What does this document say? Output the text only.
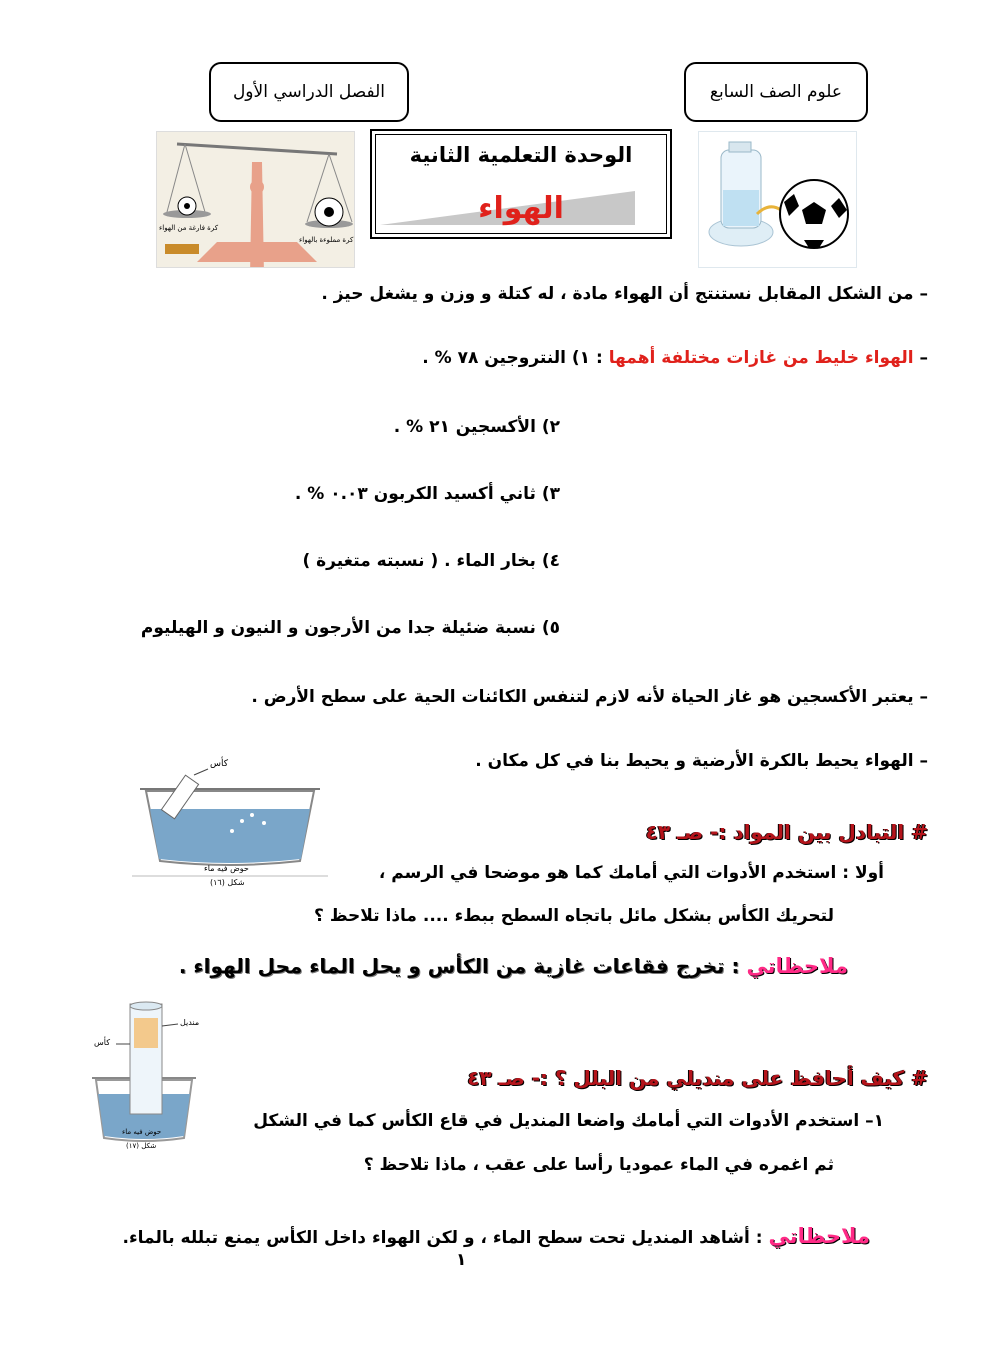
علوم الصف السابع
الفصل الدراسي الأول
الوحدة التعلمية الثانية
الهواء
كرة فارغة من الهواء
كرة مملوءة بالهواء
– من الشكل المقابل نستنتج أن الهواء مادة ، له كتلة و وزن و يشغل حيز .
– الهواء خليط من غازات مختلفة أهمها : ١) النتروجين ٧٨ % .
٢) الأكسجين ٢١ % .
٣) ثاني أكسيد الكربون ٠.٠٣ % .
٤) بخار الماء . ( نسبته متغيرة )
٥) نسبة ضئيلة جدا من الأرجون و النيون و الهيليوم
– يعتبر الأكسجين هو غاز الحياة لأنه لازم لتنفس الكائنات الحية على سطح الأرض .
– الهواء يحيط بالكرة الأرضية و يحيط بنا في كل مكان .
كأس
حوض فيه ماء
شكل (١٦)
# التبادل بين المواد :- صـ ٤٣
أولا : استخدم الأدوات التي أمامك كما هو موضحا في الرسم ،
لتحريك الكأس بشكل مائل باتجاه السطح ببطء .... ماذا تلاحظ ؟
ملاحظاتي : تخرج فقاعات غازية من الكأس و يحل الماء محل الهواء .
منديل
كأس
حوض فيه ماء
شكل (١٧)
# كيف أحافظ على منديلي من البلل ؟ :- صـ ٤٣
١– استخدم الأدوات التي أمامك واضعا المنديل في قاع الكأس كما في الشكل
ثم اغمره في الماء عموديا رأسا على عقب ، ماذا تلاحظ ؟
ملاحظاتي : أشاهد المنديل تحت سطح الماء ، و لكن الهواء داخل الكأس يمنع تبلله بالماء.
١
